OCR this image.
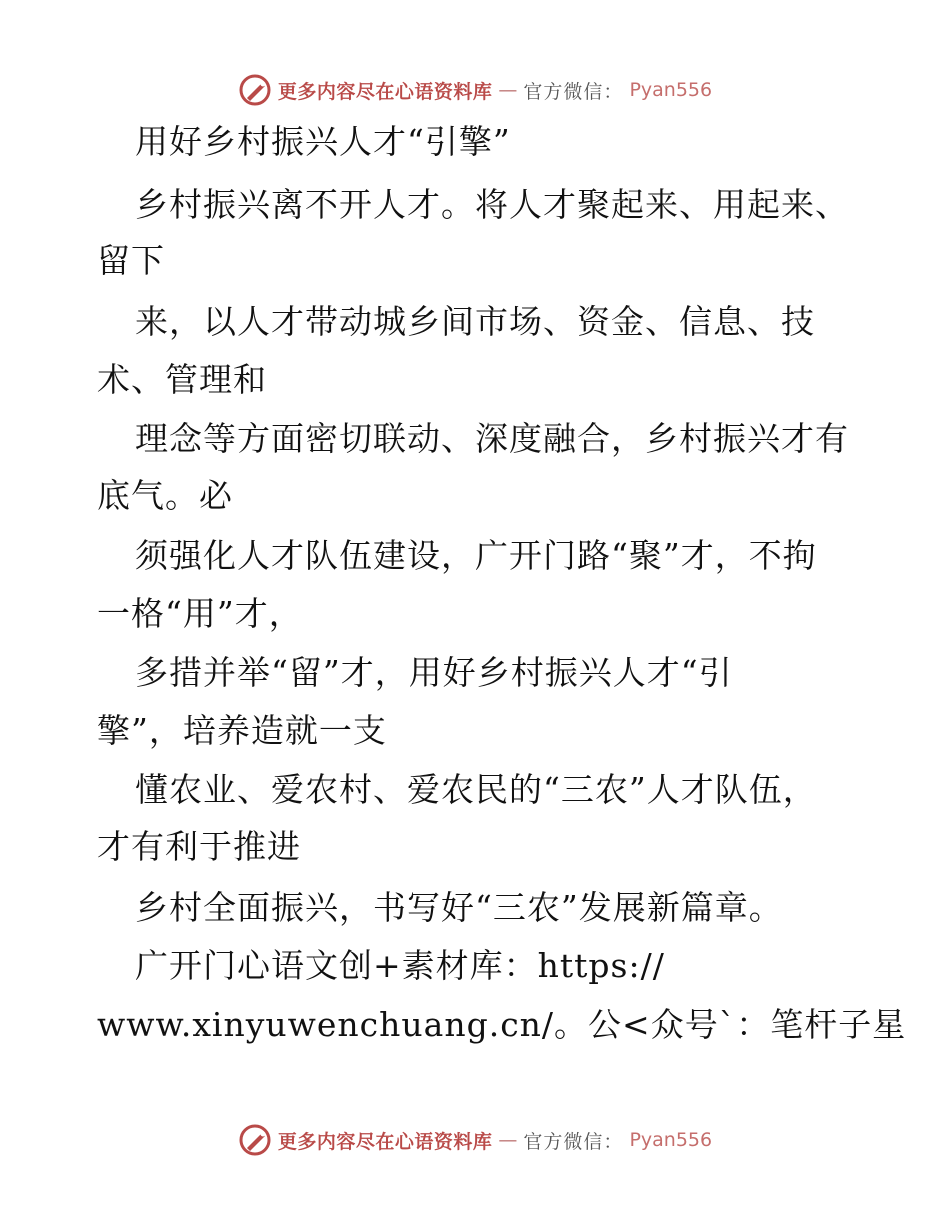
更多内容尽在心语资料库 — 官方微信： Pyan556
用好乡村振兴人才“引擎”
乡村振兴离不开人才。将人才聚起来、用起来、
留下
来，以人才带动城乡间市场、资金、信息、技
术、管理和
理念等方面密切联动、深度融合，乡村振兴才有
底气。必
须强化人才队伍建设，广开门路“聚”才，不拘
一格“用”才，
多措并举“留”才，用好乡村振兴人才“引
擎”，培养造就一支
懂农业、爱农村、爱农民的“三农”人才队伍，
才有利于推进
乡村全面振兴，书写好“三农”发展新篇章。
广开门心语文创+素材库：https://
www.xinyuwenchuang.cn/。公<众号`：笔杆子星
更多内容尽在心语资料库 — 官方微信： Pyan556
